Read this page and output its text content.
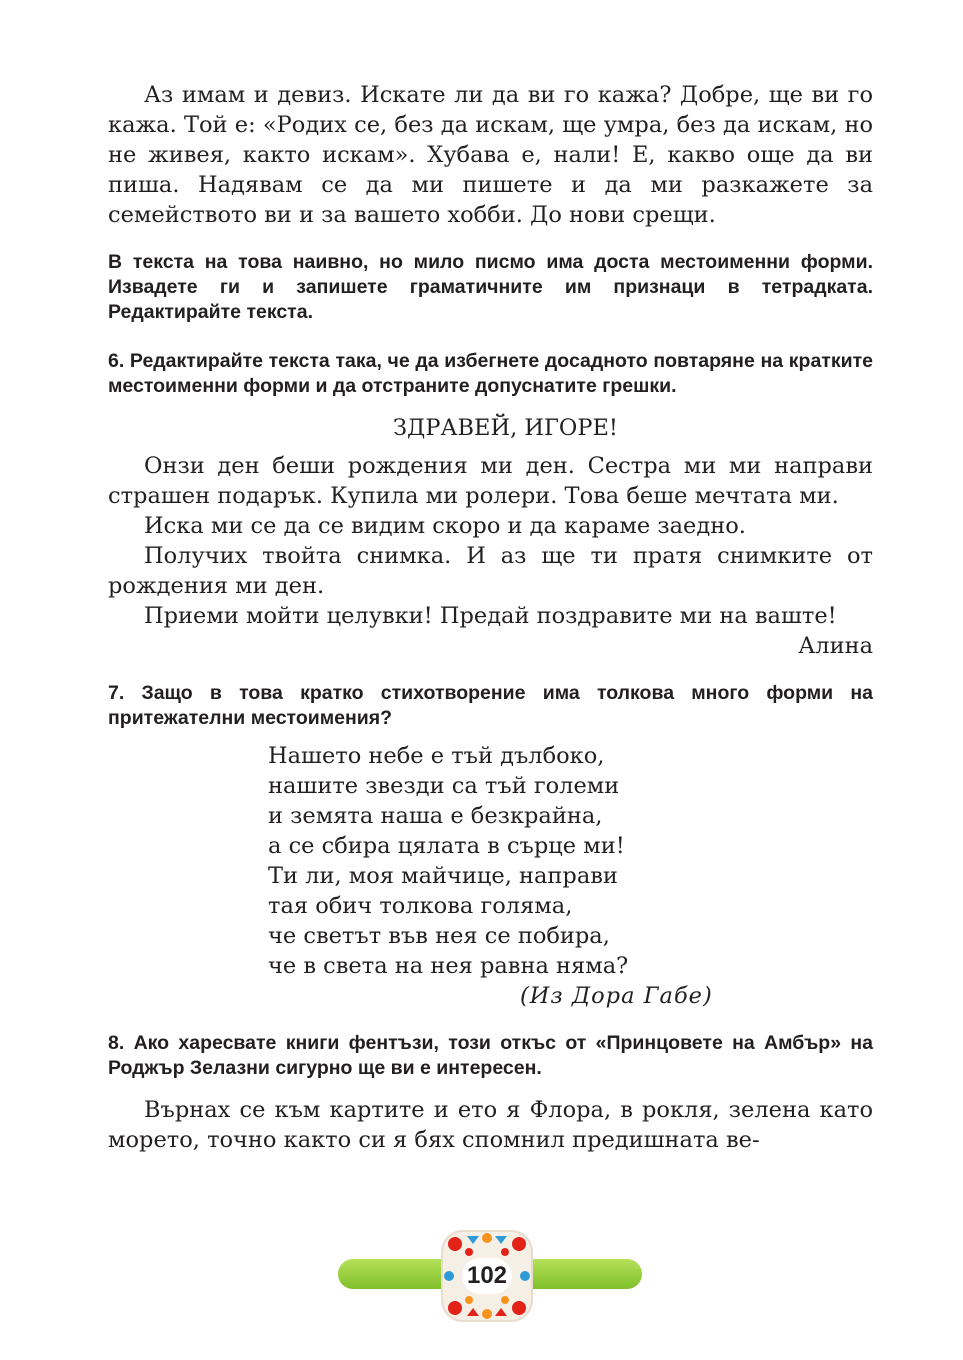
Аз имам и девиз. Искате ли да ви го кажа? Добре, ще ви го кажа. Той е: «Родих се, без да искам, ще умра, без да искам, но не живея, както искам». Хубава е, нали! Е, какво още да ви пиша. Надявам се да ми пишете и да ми разкажете за семейството ви и за вашето хобби. До нови срещи.

В текста на това наивно, но мило писмо има доста местоименни форми. Извадете ги и запишете граматичните им признаци в тетрадката. Редактирайте текста.

6. Редактирайте текста така, че да избегнете досадното повтаряне на кратките местоименни форми и да отстраните допуснатите грешки.

ЗДРАВЕЙ, ИГОРЕ!

Онзи ден беши рождения ми ден. Сестра ми ми направи страшен подарък. Купила ми ролери. Това беше мечтата ми.

Иска ми се да се видим скоро и да караме заедно.

Получих твойта снимка. И аз ще ти пратя снимките от рождения ми ден.

Приеми мойти целувки! Предай поздравите ми на ваште!

Алина

7. Защо в това кратко стихотворение има толкова много форми на притежателни местоимения?

Нашето небе е тъй дълбоко,
нашите звезди са тъй големи
и земята наша е безкрайна,
а се сбира цялата в сърце ми!
Ти ли, моя майчице, направи
тая обич толкова голяма,
че светът във нея се побира,
че в света на нея равна няма?

(Из Дора Габе)

8. Ако харесвате книги фентъзи, този откъс от «Принцовете на Амбър» на Роджър Зелазни сигурно ще ви е интересен.

Върнах се към картите и ето я Флора, в рокля, зелена като морето, точно както си я бях спомнил предишната ве-

102
